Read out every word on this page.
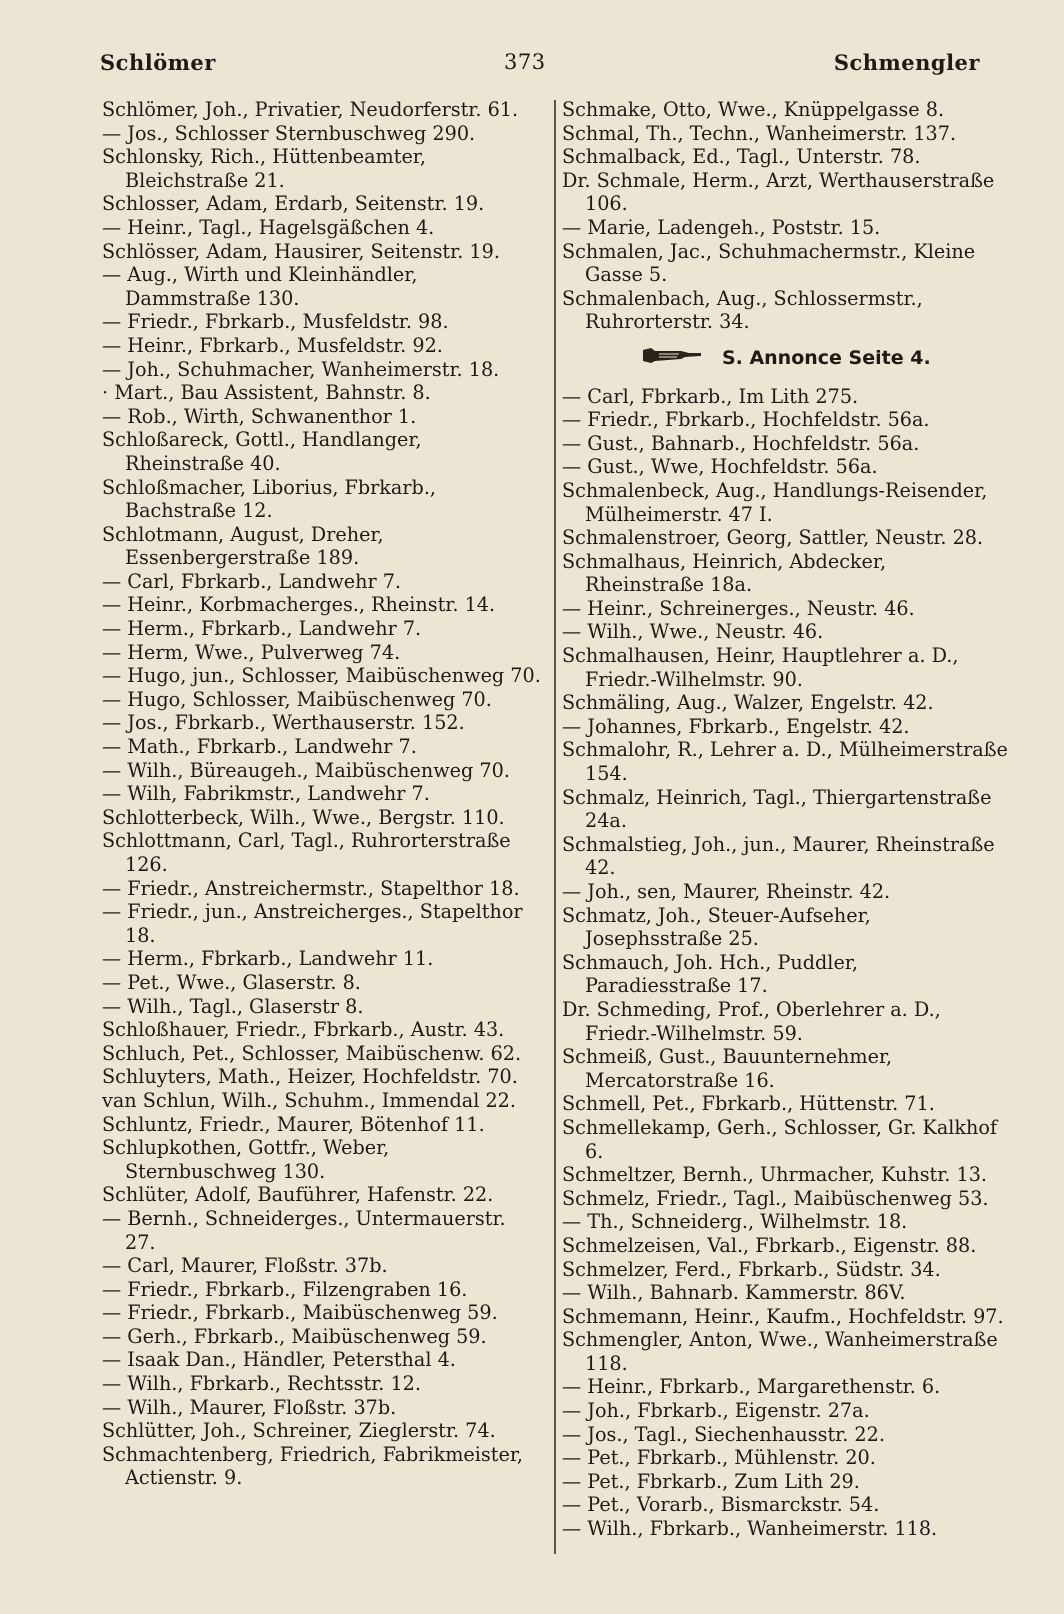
Schlömer	373	Schmengler
Schlömer, Joh., Privatier, Neudorferstr. 61.
— Jos., Schlosser Sternbuschweg 290.
Schlonsky, Rich., Hüttenbeamter, Bleichstraße 21.
Schlosser, Adam, Erdarb, Seitenstr. 19.
— Heinr., Tagl., Hagelsgäßchen 4.
Schlösser, Adam, Hausirer, Seitenstr. 19.
— Aug., Wirth und Kleinhändler, Dammstraße 130.
— Friedr., Fbrkarb., Musfeldstr. 98.
— Heinr., Fbrkarb., Musfeldstr. 92.
— Joh., Schuhmacher, Wanheimerstr. 18.
· Mart., Bau Assistent, Bahnstr. 8.
— Rob., Wirth, Schwanenthor 1.
Schloßareck, Gottl., Handlanger, Rheinstraße 40.
Schloßmacher, Liborius, Fbrkarb., Bachstraße 12.
Schlotmann, August, Dreher, Essenbergerstraße 189.
— Carl, Fbrkarb., Landwehr 7.
— Heinr., Korbmacherges., Rheinstr. 14.
— Herm., Fbrkarb., Landwehr 7.
— Herm, Wwe., Pulverweg 74.
— Hugo, jun., Schlosser, Maibüschenweg 70.
— Hugo, Schlosser, Maibüschenweg 70.
— Jos., Fbrkarb., Werthauserstr. 152.
— Math., Fbrkarb., Landwehr 7.
— Wilh., Büreaugeh., Maibüschenweg 70.
— Wilh, Fabrikmstr., Landwehr 7.
Schlotterbeck, Wilh., Wwe., Bergstr. 110.
Schlottmann, Carl, Tagl., Ruhrorterstraße 126.
— Friedr., Anstreichermstr., Stapelthor 18.
— Friedr., jun., Anstreicherges., Stapelthor 18.
— Herm., Fbrkarb., Landwehr 11.
— Pet., Wwe., Glaserstr. 8.
— Wilh., Tagl., Glaserstr 8.
Schloßhauer, Friedr., Fbrkarb., Austr. 43.
Schluch, Pet., Schlosser, Maibüschenw. 62.
Schluyters, Math., Heizer, Hochfeldstr. 70.
van Schlun, Wilh., Schuhm., Immendal 22.
Schluntz, Friedr., Maurer, Bötenhof 11.
Schlupkothen, Gottfr., Weber, Sternbuschweg 130.
Schlüter, Adolf, Bauführer, Hafenstr. 22.
— Bernh., Schneiderges., Untermauerstr. 27.
— Carl, Maurer, Floßstr. 37b.
— Friedr., Fbrkarb., Filzengraben 16.
— Friedr., Fbrkarb., Maibüschenweg 59.
— Gerh., Fbrkarb., Maibüschenweg 59.
— Isaak Dan., Händler, Petersthal 4.
— Wilh., Fbrkarb., Rechtsstr. 12.
— Wilh., Maurer, Floßstr. 37b.
Schlütter, Joh., Schreiner, Zieglerstr. 74.
Schmachtenberg, Friedrich, Fabrikmeister, Actienstr. 9.
Schmake, Otto, Wwe., Knüppelgasse 8.
Schmal, Th., Techn., Wanheimerstr. 137.
Schmalback, Ed., Tagl., Unterstr. 78.
Dr. Schmale, Herm., Arzt, Werthauserstraße 106.
— Marie, Ladengeh., Poststr. 15.
Schmalen, Jac., Schuhmachermstr., Kleine Gasse 5.
Schmalenbach, Aug., Schlossermstr., Ruhrorterstr. 34.
S. Annonce Seite 4.
— Carl, Fbrkarb., Im Lith 275.
— Friedr., Fbrkarb., Hochfeldstr. 56a.
— Gust., Bahnarb., Hochfeldstr. 56a.
— Gust., Wwe, Hochfeldstr. 56a.
Schmalenbeck, Aug., Handlungs-Reisender, Mülheimerstr. 47 I.
Schmalenstroer, Georg, Sattler, Neustr. 28.
Schmalhaus, Heinrich, Abdecker, Rheinstraße 18a.
— Heinr., Schreinerges., Neustr. 46.
— Wilh., Wwe., Neustr. 46.
Schmalhausen, Heinr, Hauptlehrer a. D., Friedr.-Wilhelmstr. 90.
Schmäling, Aug., Walzer, Engelstr. 42.
— Johannes, Fbrkarb., Engelstr. 42.
Schmalohr, R., Lehrer a. D., Mülheimerstraße 154.
Schmalz, Heinrich, Tagl., Thiergartenstraße 24a.
Schmalstieg, Joh., jun., Maurer, Rheinstraße 42.
— Joh., sen, Maurer, Rheinstr. 42.
Schmatz, Joh., Steuer-Aufseher, Josephsstraße 25.
Schmauch, Joh. Hch., Puddler, Paradiesstraße 17.
Dr. Schmeding, Prof., Oberlehrer a. D., Friedr.-Wilhelmstr. 59.
Schmeiß, Gust., Bauunternehmer, Mercatorstraße 16.
Schmell, Pet., Fbrkarb., Hüttenstr. 71.
Schmellekamp, Gerh., Schlosser, Gr. Kalkhof 6.
Schmeltzer, Bernh., Uhrmacher, Kuhstr. 13.
Schmelz, Friedr., Tagl., Maibüschenweg 53.
— Th., Schneiderg., Wilhelmstr. 18.
Schmelzeisen, Val., Fbrkarb., Eigenstr. 88.
Schmelzer, Ferd., Fbrkarb., Südstr. 34.
— Wilh., Bahnarb. Kammerstr. 86V.
Schmemann, Heinr., Kaufm., Hochfeldstr. 97.
Schmengler, Anton, Wwe., Wanheimerstraße 118.
— Heinr., Fbrkarb., Margarethenstr. 6.
— Joh., Fbrkarb., Eigenstr. 27a.
— Jos., Tagl., Siechenhausstr. 22.
— Pet., Fbrkarb., Mühlenstr. 20.
— Pet., Fbrkarb., Zum Lith 29.
— Pet., Vorarb., Bismarckstr. 54.
— Wilh., Fbrkarb., Wanheimerstr. 118.
